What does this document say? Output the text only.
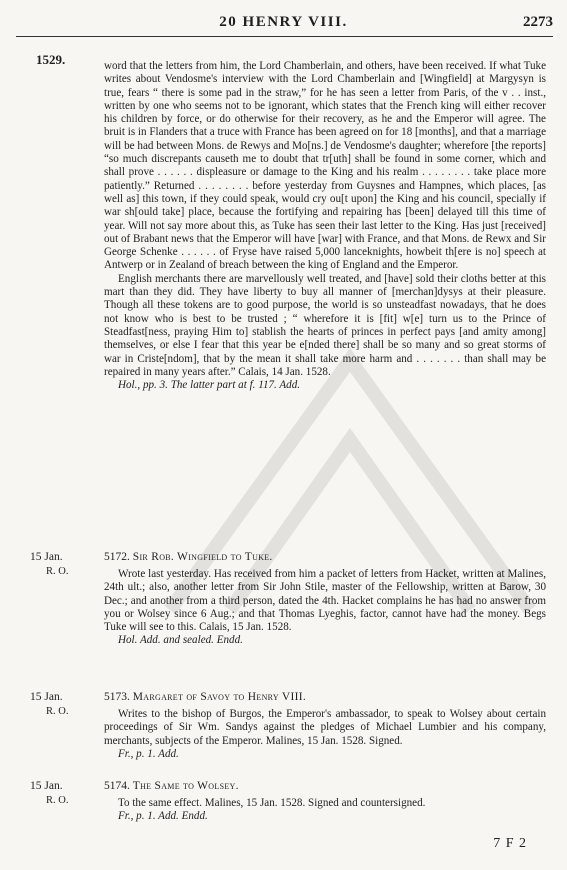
20 HENRY VIII.	2273
1529.	word that the letters from him, the Lord Chamberlain, and others, have been received. If what Tuke writes about Vendosme's interview with the Lord Chamberlain and [Wingfield] at Margysyn is true, fears “ there is some pad in the straw,” for he has seen a letter from Paris, of the v . . inst., written by one who seems not to be ignorant, which states that the French king will either recover his children by force, or do otherwise for their recovery, as he and the Emperor will agree. The bruit is in Flanders that a truce with France has been agreed on for 18 [months], and that a marriage will be had between Mons. de Rewys and Mo[ns.] de Vendosme's daughter; wherefore [the reports] “so much discrepants causeth me to doubt that tr[uth] shall be found in some corner, which and shall prove . . . . . . displeasure or damage to the King and his realm . . . . . . . . take place more patiently.” Returned . . . . . . . . before yesterday from Guysnes and Hampnes, which places, [as well as] this town, if they could speak, would cry ou[t upon] the King and his council, specially if war sh[ould take] place, because the fortifying and repairing has [been] delayed till this time of year. Will not say more about this, as Tuke has seen their last letter to the King. Has just [received] out of Brabant news that the Emperor will have [war] with France, and that Mons. de Rewx and Sir George Schenke . . . . . . of Fryse have raised 5,000 lanceknights, howbeit th[ere is no] speech at Antwerp or in Zealand of breach between the king of England and the Emperor.

English merchants there are marvellously well treated, and [have] sold their cloths better at this mart than they did. They have liberty to buy all manner of [merchan]dysys at their pleasure. Though all these tokens are to good purpose, the world is so unsteadfast nowadays, that he does not know who is best to be trusted ; “ wherefore it is [fit] w[e] turn us to the Prince of Steadfast[ness, praying Him to] stablish the hearts of princes in perfect pays [and amity among] themselves, or else I fear that this year be e[nded there] shall be so many and so great storms of war in Criste[ndom], that by the mean it shall take more harm and . . . . . . . than shall may be repaired in many years after.” Calais, 14 Jan. 1528.

Hol., pp. 3. The latter part at f. 117. Add.

15 Jan.
R. O.
5172. Sir Rob. Wingfield to Tuke.

Wrote last yesterday. Has received from him a packet of letters from Hacket, written at Malines, 24th ult.; also, another letter from Sir John Stile, master of the Fellowship, written at Barow, 30 Dec.; and another from a third person, dated the 4th. Hacket complains he has had no answer from you or Wolsey since 6 Aug.; and that Thomas Lyeghis, factor, cannot have had the money. Begs Tuke will see to this. Calais, 15 Jan. 1528.

Hol. Add. and sealed. Endd.

15 Jan.
R. O.
5173. Margaret of Savoy to Henry VIII.

Writes to the bishop of Burgos, the Emperor's ambassador, to speak to Wolsey about certain proceedings of Sir Wm. Sandys against the pledges of Michael Lumbier and his company, merchants, subjects of the Emperor. Malines, 15 Jan. 1528. Signed.

Fr., p. 1. Add.

15 Jan.
R. O.
5174. The Same to Wolsey.

To the same effect. Malines, 15 Jan. 1528. Signed and countersigned.

Fr., p. 1. Add. Endd.

7 F 2
